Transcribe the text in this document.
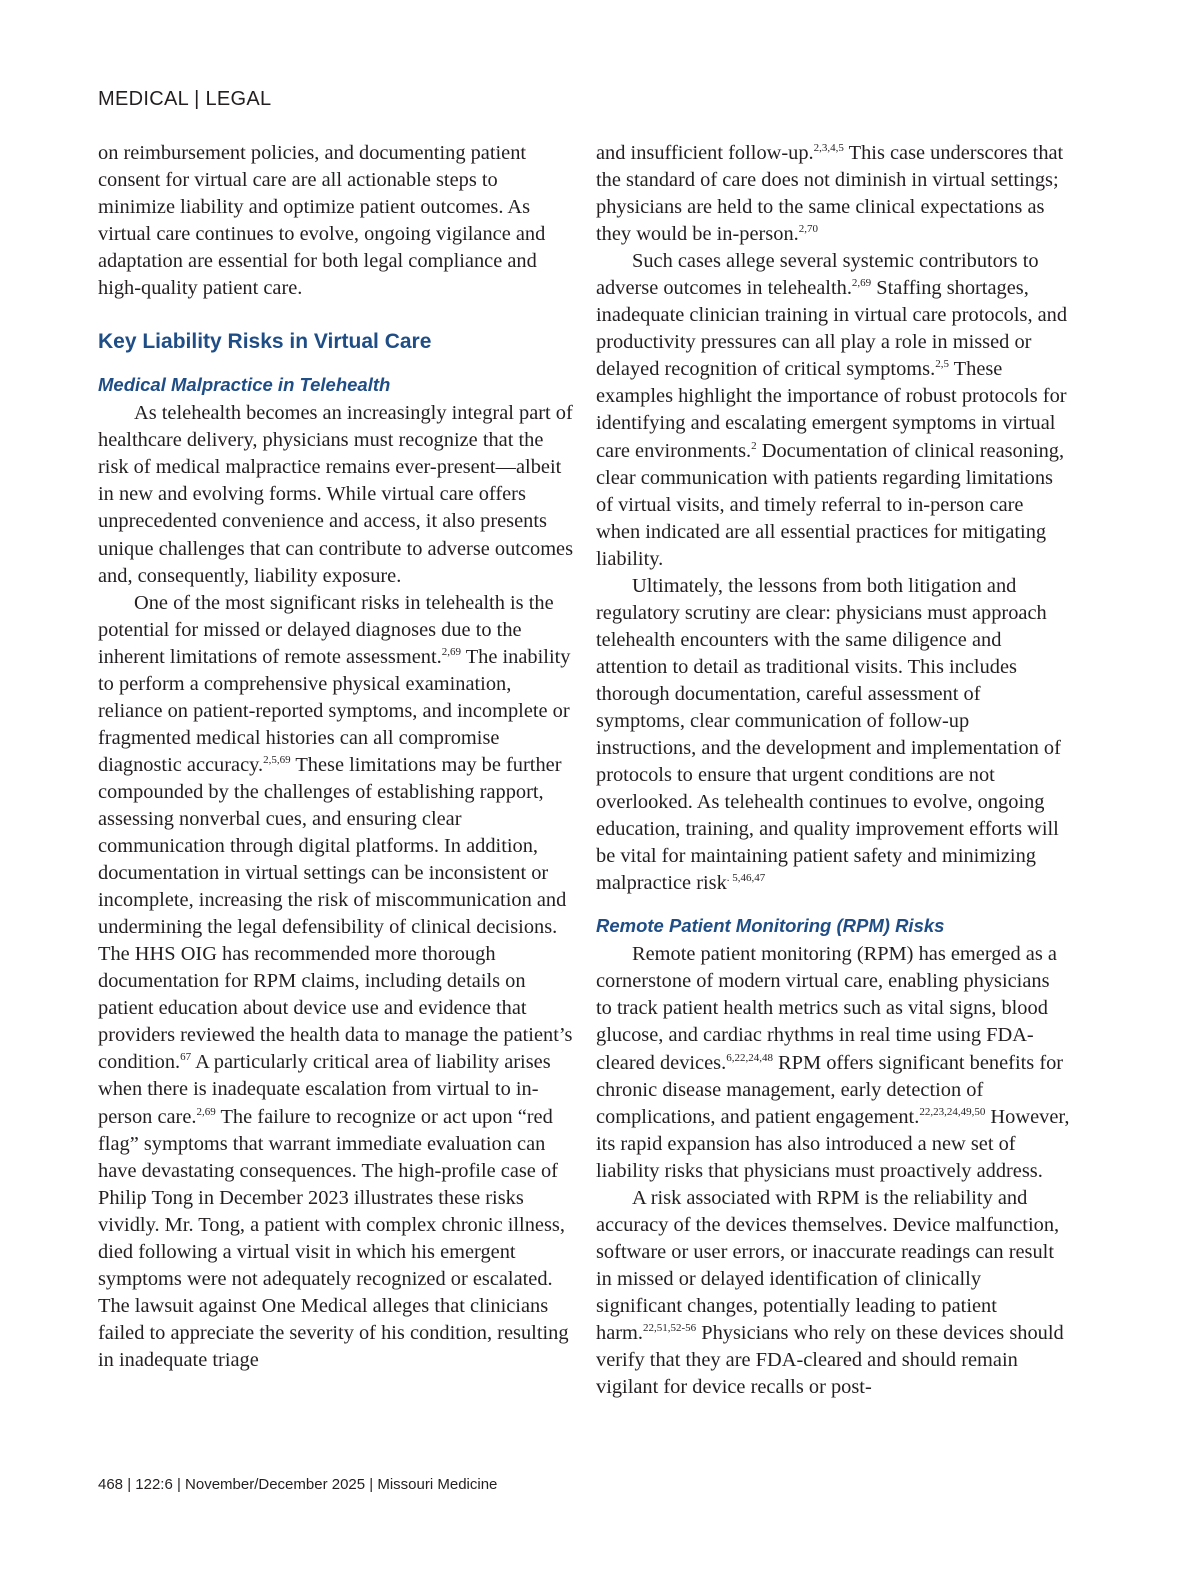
MEDICAL | LEGAL

on reimbursement policies, and documenting patient consent for virtual care are all actionable steps to minimize liability and optimize patient outcomes. As virtual care continues to evolve, ongoing vigilance and adaptation are essential for both legal compliance and high-quality patient care.

Key Liability Risks in Virtual Care

Medical Malpractice in Telehealth

As telehealth becomes an increasingly integral part of healthcare delivery, physicians must recognize that the risk of medical malpractice remains ever-present—albeit in new and evolving forms. While virtual care offers unprecedented convenience and access, it also presents unique challenges that can contribute to adverse outcomes and, consequently, liability exposure.

One of the most significant risks in telehealth is the potential for missed or delayed diagnoses due to the inherent limitations of remote assessment.$^{2,69}$ The inability to perform a comprehensive physical examination, reliance on patient-reported symptoms, and incomplete or fragmented medical histories can all compromise diagnostic accuracy.$^{2,5,69}$ These limitations may be further compounded by the challenges of establishing rapport, assessing nonverbal cues, and ensuring clear communication through digital platforms. In addition, documentation in virtual settings can be inconsistent or incomplete, increasing the risk of miscommunication and undermining the legal defensibility of clinical decisions. The HHS OIG has recommended more thorough documentation for RPM claims, including details on patient education about device use and evidence that providers reviewed the health data to manage the patient’s condition.$^{67}$ A particularly critical area of liability arises when there is inadequate escalation from virtual to in-person care.$^{2,69}$ The failure to recognize or act upon “red flag” symptoms that warrant immediate evaluation can have devastating consequences. The high-profile case of Philip Tong in December 2023 illustrates these risks vividly. Mr. Tong, a patient with complex chronic illness, died following a virtual visit in which his emergent symptoms were not adequately recognized or escalated. The lawsuit against One Medical alleges that clinicians failed to appreciate the severity of his condition, resulting in inadequate triage

and insufficient follow-up.$^{2,3,4,5}$ This case underscores that the standard of care does not diminish in virtual settings; physicians are held to the same clinical expectations as they would be in-person.$^{2,70}$

Such cases allege several systemic contributors to adverse outcomes in telehealth.$^{2,69}$ Staffing shortages, inadequate clinician training in virtual care protocols, and productivity pressures can all play a role in missed or delayed recognition of critical symptoms.$^{2,5}$ These examples highlight the importance of robust protocols for identifying and escalating emergent symptoms in virtual care environments.$^2$ Documentation of clinical reasoning, clear communication with patients regarding limitations of virtual visits, and timely referral to in-person care when indicated are all essential practices for mitigating liability.

Ultimately, the lessons from both litigation and regulatory scrutiny are clear: physicians must approach telehealth encounters with the same diligence and attention to detail as traditional visits. This includes thorough documentation, careful assessment of symptoms, clear communication of follow-up instructions, and the development and implementation of protocols to ensure that urgent conditions are not overlooked. As telehealth continues to evolve, ongoing education, training, and quality improvement efforts will be vital for maintaining patient safety and minimizing malpractice risk$^{. 5,46,47}$

Remote Patient Monitoring (RPM) Risks

Remote patient monitoring (RPM) has emerged as a cornerstone of modern virtual care, enabling physicians to track patient health metrics such as vital signs, blood glucose, and cardiac rhythms in real time using FDA-cleared devices.$^{6,22,24,48}$ RPM offers significant benefits for chronic disease management, early detection of complications, and patient engagement.$^{22,23,24,49,50}$ However, its rapid expansion has also introduced a new set of liability risks that physicians must proactively address.

A risk associated with RPM is the reliability and accuracy of the devices themselves. Device malfunction, software or user errors, or inaccurate readings can result in missed or delayed identification of clinically significant changes, potentially leading to patient harm.$^{22,51,52-56}$ Physicians who rely on these devices should verify that they are FDA-cleared and should remain vigilant for device recalls or post-

468 | 122:6 | November/December 2025 | Missouri Medicine
